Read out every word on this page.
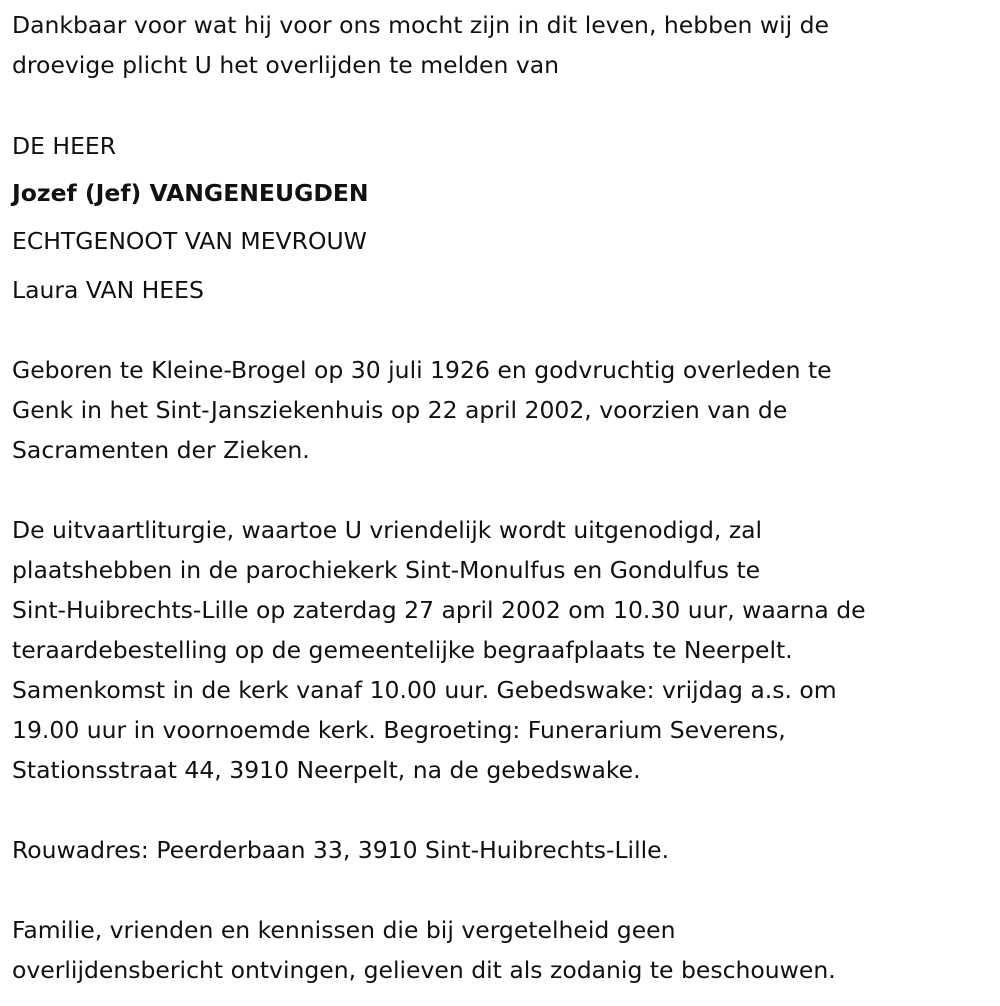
Dankbaar voor wat hij voor ons mocht zijn in dit leven, hebben wij de
droevige plicht U het overlijden te melden van
DE HEER
Jozef (Jef) VANGENEUGDEN
ECHTGENOOT VAN MEVROUW
Laura VAN HEES
Geboren te Kleine-Brogel op 30 juli 1926 en godvruchtig overleden te
Genk in het Sint-Jansziekenhuis op 22 april 2002, voorzien van de
Sacramenten der Zieken.
De uitvaartliturgie, waartoe U vriendelijk wordt uitgenodigd, zal
plaatshebben in de parochiekerk Sint-Monulfus en Gondulfus te
Sint-Huibrechts-Lille op zaterdag 27 april 2002 om 10.30 uur, waarna de
teraardebestelling op de gemeentelijke begraafplaats te Neerpelt.
Samenkomst in de kerk vanaf 10.00 uur. Gebedswake: vrijdag a.s. om
19.00 uur in voornoemde kerk. Begroeting: Funerarium Severens,
Stationsstraat 44, 3910 Neerpelt, na de gebedswake.
Rouwadres: Peerderbaan 33, 3910 Sint-Huibrechts-Lille.
Familie, vrienden en kennissen die bij vergetelheid geen
overlijdensbericht ontvingen, gelieven dit als zodanig te beschouwen.
